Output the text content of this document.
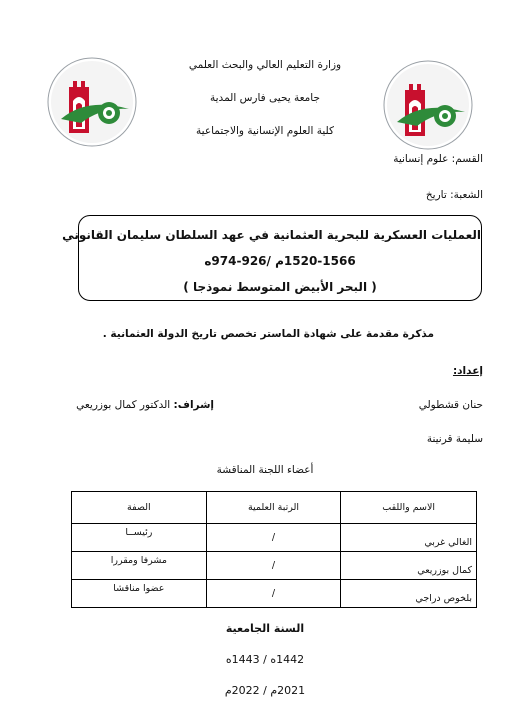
وزارة التعليم العالي والبحث العلمي
جامعة يحيى فارس المدية
كلية العلوم الإنسانية والاجتماعية
القسم: علوم إنسانية
الشعبة: تاريخ
العمليات العسكرية للبحرية العثمانية في عهد السلطان سليمان القانوني
1520-1566م /926-974ه
( البحر الأبيض المتوسط نموذجا )
مذكرة مقدمة على شهادة الماستر تخصص تاريخ الدولة العثمانية .
إعداد:
حنان قشطولي
سليمة قرنينة
إشراف: الدكتور كمال بوزريعي
أعضاء اللجنة المناقشة
الاسم واللقب	الرتبة العلمية	الصفة
الغالي غربي	/	رئيســا
كمال بوزريعي	/	مشرفا ومقررا
بلخوص دراجي	/	عضوا مناقشا
السنة الجامعية
1442ه / 1443ه
2021م / 2022م
